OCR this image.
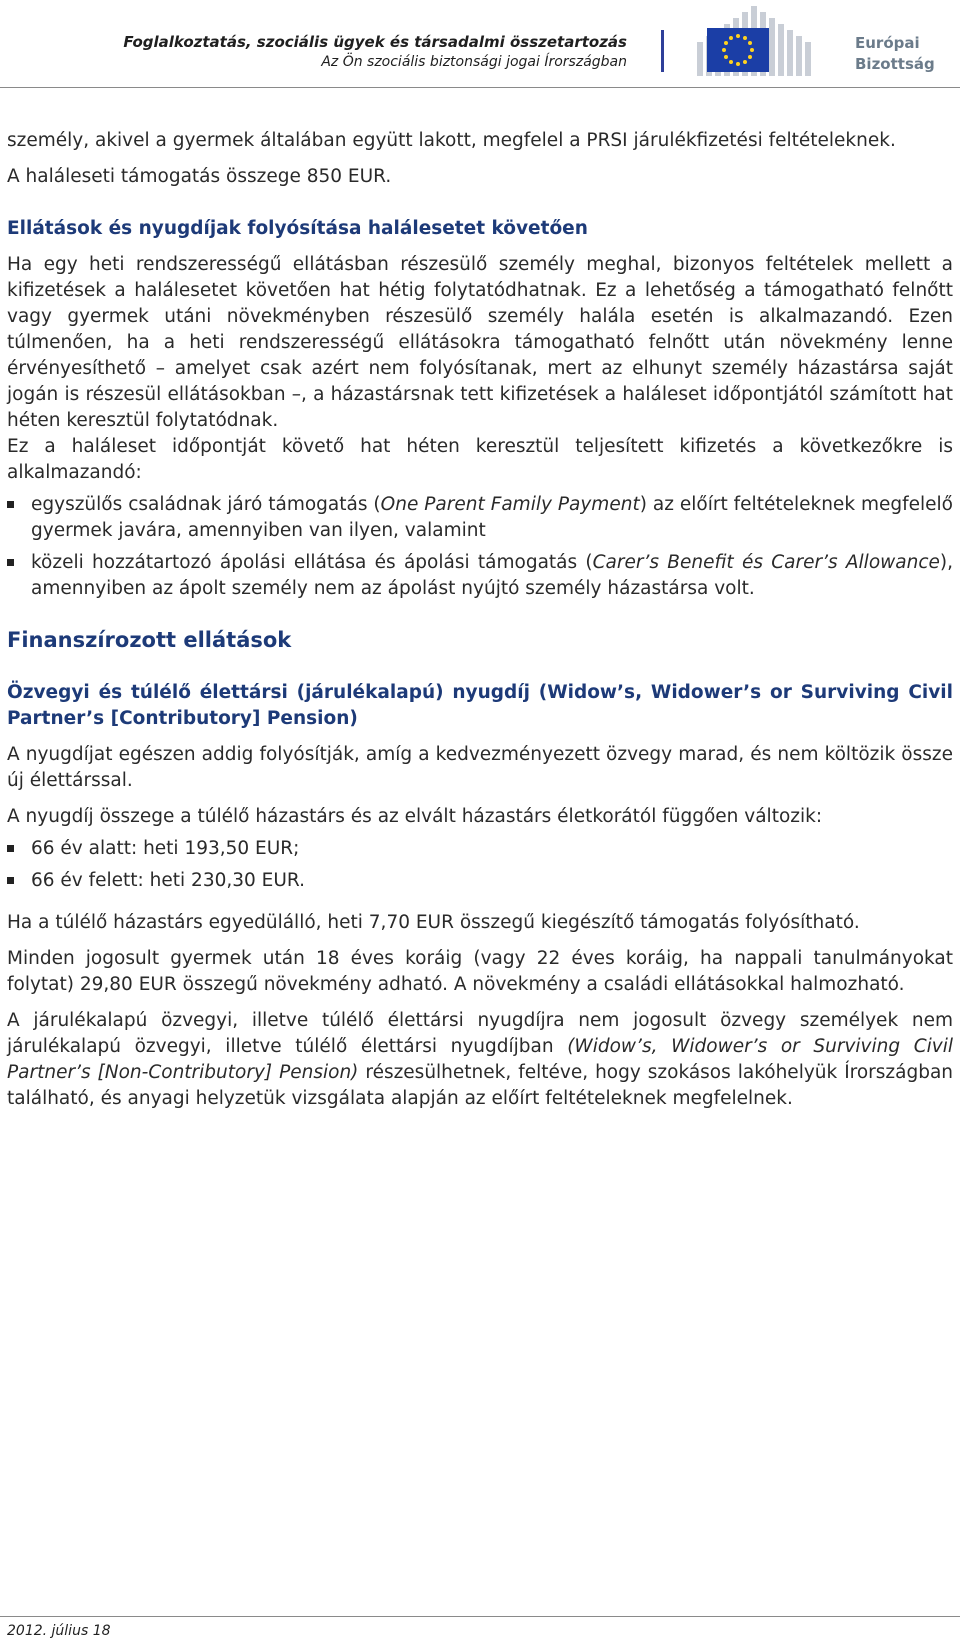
Foglalkoztatás, szociális ügyek és társadalmi összetartozás
Az Ön szociális biztonsági jogai Írországban
Európai
Bizottság

személy, akivel a gyermek általában együtt lakott, megfelel a PRSI járulékfizetési feltételeknek.

A haláleseti támogatás összege 850 EUR.

Ellátások és nyugdíjak folyósítása halálesetet követően

Ha egy heti rendszerességű ellátásban részesülő személy meghal, bizonyos feltételek mellett a kifizetések a halálesetet követően hat hétig folytatódhatnak. Ez a lehetőség a támogatható felnőtt vagy gyermek utáni növekményben részesülő személy halála esetén is alkalmazandó. Ezen túlmenően, ha a heti rendszerességű ellátásokra támogatható felnőtt után növekmény lenne érvényesíthető – amelyet csak azért nem folyósítanak, mert az elhunyt személy házastársa saját jogán is részesül ellátásokban –, a házastársnak tett kifizetések a haláleset időpontjától számított hat héten keresztül folytatódnak.

Ez a haláleset időpontját követő hat héten keresztül teljesített kifizetés a következőkre is alkalmazandó:

egyszülős családnak járó támogatás (One Parent Family Payment) az előírt feltételeknek megfelelő gyermek javára, amennyiben van ilyen, valamint
közeli hozzátartozó ápolási ellátása és ápolási támogatás (Carer’s Benefit és Carer’s Allowance), amennyiben az ápolt személy nem az ápolást nyújtó személy házastársa volt.

Finanszírozott ellátások

Özvegyi és túlélő élettársi (járulékalapú) nyugdíj (Widow’s, Widower’s or Surviving Civil Partner’s [Contributory] Pension)

A nyugdíjat egészen addig folyósítják, amíg a kedvezményezett özvegy marad, és nem költözik össze új élettárssal.

A nyugdíj összege a túlélő házastárs és az elvált házastárs életkorától függően változik:

66 év alatt: heti 193,50 EUR;
66 év felett: heti 230,30 EUR.

Ha a túlélő házastárs egyedülálló, heti 7,70 EUR összegű kiegészítő támogatás folyósítható.

Minden jogosult gyermek után 18 éves koráig (vagy 22 éves koráig, ha nappali tanulmányokat folytat) 29,80 EUR összegű növekmény adható. A növekmény a családi ellátásokkal halmozható.

A járulékalapú özvegyi, illetve túlélő élettársi nyugdíjra nem jogosult özvegy személyek nem járulékalapú özvegyi, illetve túlélő élettársi nyugdíjban (Widow’s, Widower’s or Surviving Civil Partner’s [Non-Contributory] Pension) részesülhetnek, feltéve, hogy szokásos lakóhelyük Írországban található, és anyagi helyzetük vizsgálata alapján az előírt feltételeknek megfelelnek.

2012. július 18
